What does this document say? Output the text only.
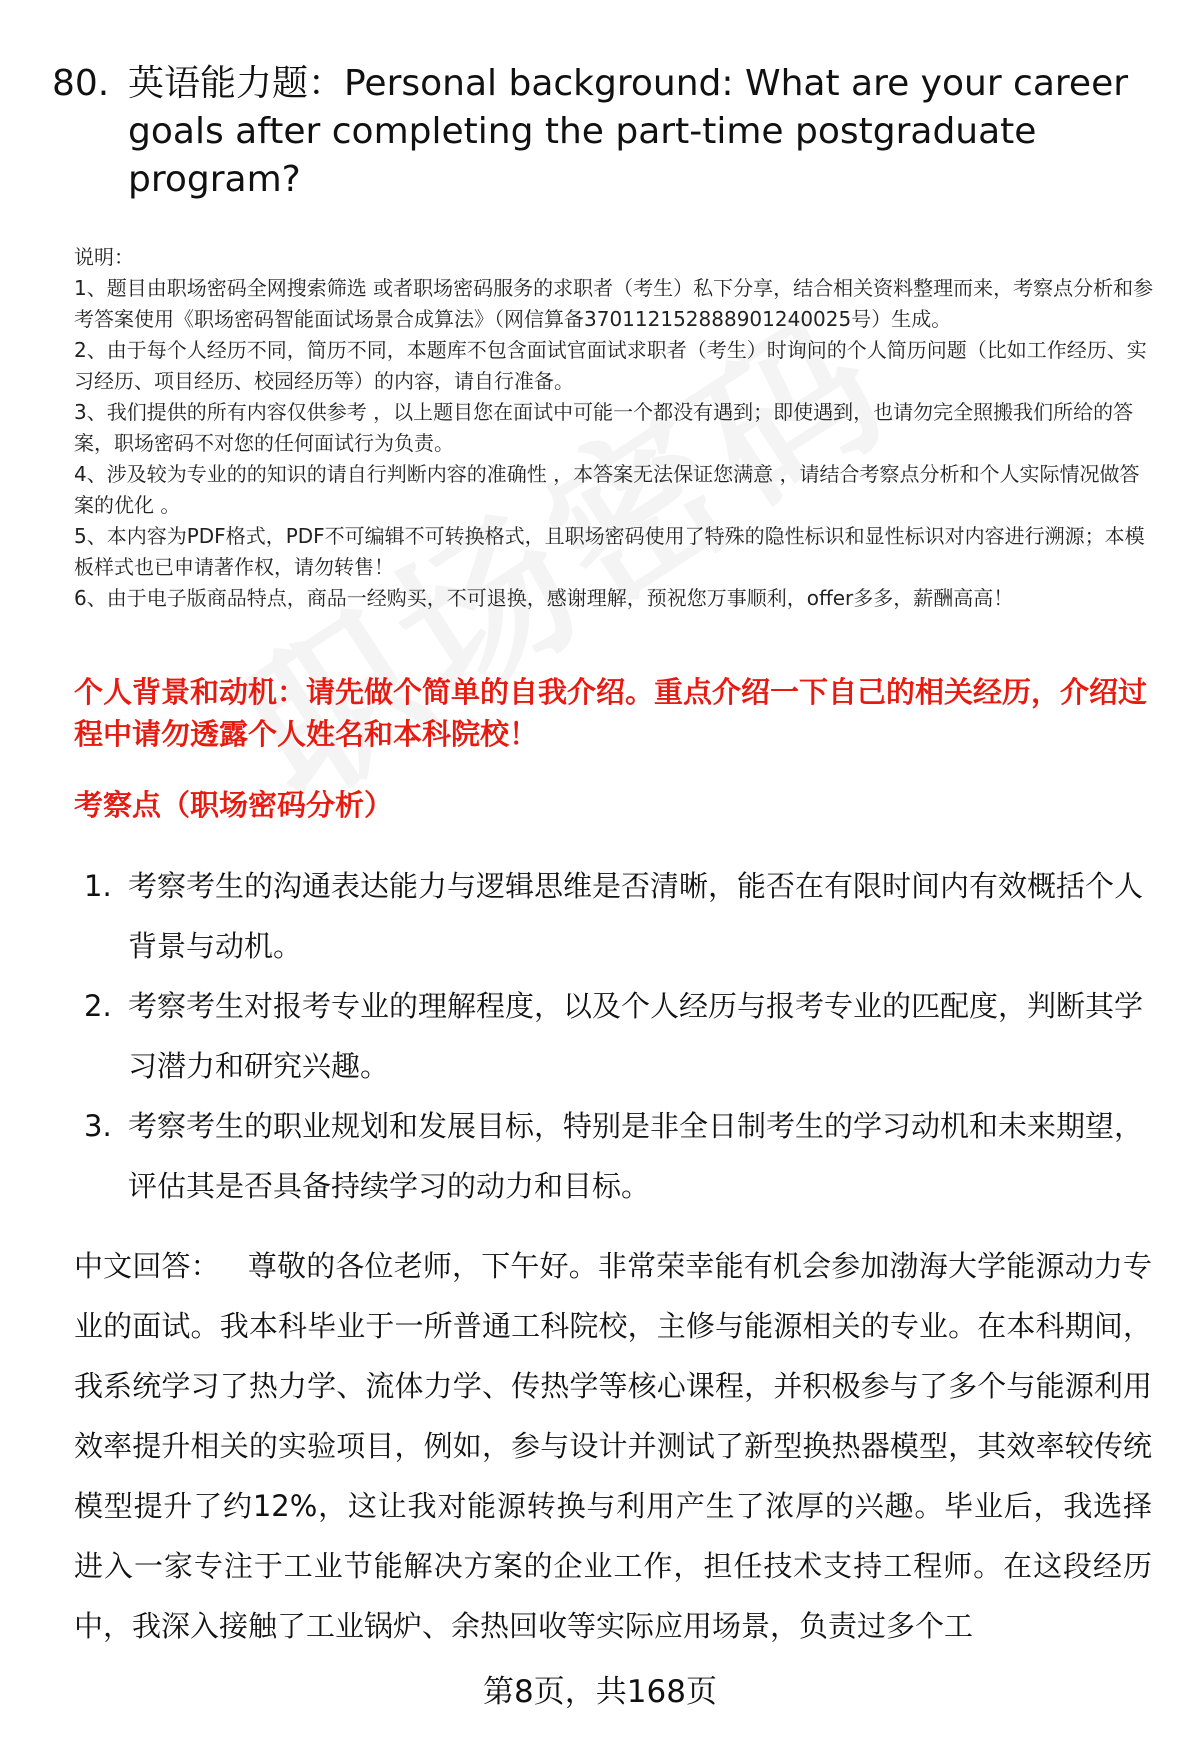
80. 英语能力题：Personal background: What are your career goals after completing the part-time postgraduate program?
说明：
1、题目由职场密码全网搜索筛选 或者职场密码服务的求职者（考生）私下分享，结合相关资料整理而来，考察点分析和参考答案使用《职场密码智能面试场景合成算法》（网信算备370112152888901240025号）生成。
2、由于每个人经历不同，简历不同，本题库不包含面试官面试求职者（考生）时询问的个人简历问题（比如工作经历、实习经历、项目经历、校园经历等）的内容，请自行准备。
3、我们提供的所有内容仅供参考 ，以上题目您在面试中可能一个都没有遇到；即使遇到，也请勿完全照搬我们所给的答案，职场密码不对您的任何面试行为负责。
4、涉及较为专业的的知识的请自行判断内容的准确性 ，本答案无法保证您满意 ，请结合考察点分析和个人实际情况做答案的优化 。
5、本内容为PDF格式，PDF不可编辑不可转换格式，且职场密码使用了特殊的隐性标识和显性标识对内容进行溯源；本模板样式也已申请著作权，请勿转售！
6、由于电子版商品特点，商品一经购买，不可退换，感谢理解，预祝您万事顺利，offer多多，薪酬高高！
个人背景和动机：请先做个简单的自我介绍。重点介绍一下自己的相关经历，介绍过程中请勿透露个人姓名和本科院校！
考察点（职场密码分析）
1. 考察考生的沟通表达能力与逻辑思维是否清晰，能否在有限时间内有效概括个人背景与动机。
2. 考察考生对报考专业的理解程度，以及个人经历与报考专业的匹配度，判断其学习潜力和研究兴趣。
3. 考察考生的职业规划和发展目标，特别是非全日制考生的学习动机和未来期望，评估其是否具备持续学习的动力和目标。
中文回答： 尊敬的各位老师，下午好。非常荣幸能有机会参加渤海大学能源动力专业的面试。我本科毕业于一所普通工科院校，主修与能源相关的专业。在本科期间，我系统学习了热力学、流体力学、传热学等核心课程，并积极参与了多个与能源利用效率提升相关的实验项目，例如，参与设计并测试了新型换热器模型，其效率较传统模型提升了约12%，这让我对能源转换与利用产生了浓厚的兴趣。毕业后，我选择进入一家专注于工业节能解决方案的企业工作，担任技术支持工程师。在这段经历中，我深入接触了工业锅炉、余热回收等实际应用场景，负责过多个工
第8页，共168页
